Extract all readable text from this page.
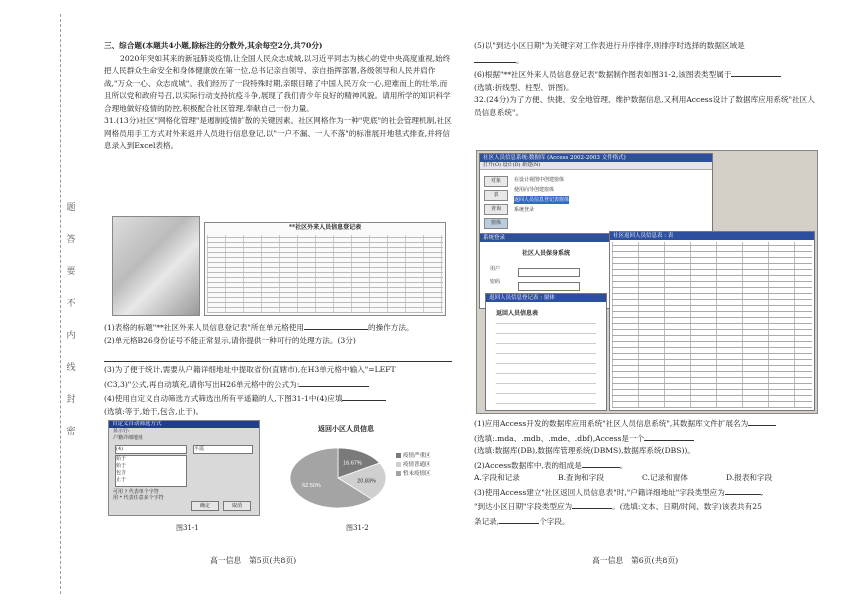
题
答
要
不
内
线
封
密

三、综合题(本题共4小题,除标注的分数外,其余每空2分,共70分)

2020年突如其来的新冠肺炎疫情,让全国人民众志成城,以习近平同志为核心的党中央高度重视,始终把人民群众生命安全和身体健康放在第一位,总书记亲自领导、亲自指挥部署,各级领导和人民并肩作战,"万众一心、众志成城"。我们经历了一段特殊时期,亲眼目睹了中国人民万众一心,迎难而上的壮举,而且所以党和政府号召,以实际行动支持抗疫斗争,展现了我们青少年良好的精神风貌。请用所学的知识科学合理地做好疫情的防控,积极配合社区管理,奉献自己一份力量。

31.(13分)社区"网格化管理"是遏制疫情扩散的关键因素。社区网格作为一种"兜底"的社会管理机制,社区网格员用手工方式对外来返并人员进行信息登记,以"一户不漏、一人不落"的标准展开地毯式排查,并将信息录入到Excel表格。

**社区外来人员信息登记表

(1)表格的标题"**社区外来人员信息登记表"所在单元格使用	的操作方法。

(2)单元格B26身份证号不能正常显示,请你提供一种可行的处理方法。(3分)

(3)为了便于统计,需要从户籍详细地址中提取省份(直辖市),在H3单元格中输入"=LEFT

(C3,3)"公式,再自动填充,请你写出H26单元格中的公式为:

(4)使用自定义自动筛选方式筛选出所有平遥籍的人,下图31-1中(4)应填

(选填:等于,始于,包含,止于)。

自定义自动筛选方式
显示行:
户籍详细地址
(4)	平遥
始于
始于
包含
止于
可用 ? 代表单个字符
用 * 代表任意多个字符
确定	取消
返回小区人员信息
16.67%
20.83%
62.50%
疫情严重区
疫情普通区
暂未疫情区
图31-1	图31-2
高一信息　第5页(共8页)

(5)以"到达小区日期"为关键字对工作表进行升序排序,则排序时选择的数据区域是

。

(6)根据"**社区外来人员信息登记表"数据制作图表如图31-2,该图表类型属于

(选填:折线型、柱型、饼图)。

32.(24分)为了方便、快捷、安全地管理、维护数据信息,又利用Access设计了数据库应用系统"社区人员信息系统"。

社区人员信息系统:数据库 (Access 2002-2003 文件格式)
打开(O) 设计(D) 新建(N)
对象
表
查询
窗体
在设计视图中创建窗体
使用向导创建窗体
返回人员信息登记表窗体
系统登录
系统登录
社区人员保身系统
用户
密码
社区返回人员信息表 : 表
返回人员信息登记表 : 窗体
返回人员信息表

(1)应用Access开发的数据库应用系统"社区人员信息系统",其数据库文件扩展名为

(选填:.mda、.mdb、.mde、.dbf),Access是一个

(选填:数据库(DB),数据库管理系统(DBMS),数据库系统(DBS))。

(2)Access数据库中,表的组成是	。

A.字段和记录	B.查询和字段	C.记录和窗体	D.报表和字段

(3)使用Access建立"社区返回人员信息表"时,"户籍详细地址"字段类型应为	,

"到达小区日期"字段类型应为	。(选填:文本、日期/时间、数字)该表共有25

条记录,	个字段。

高一信息　第6页(共8页)
